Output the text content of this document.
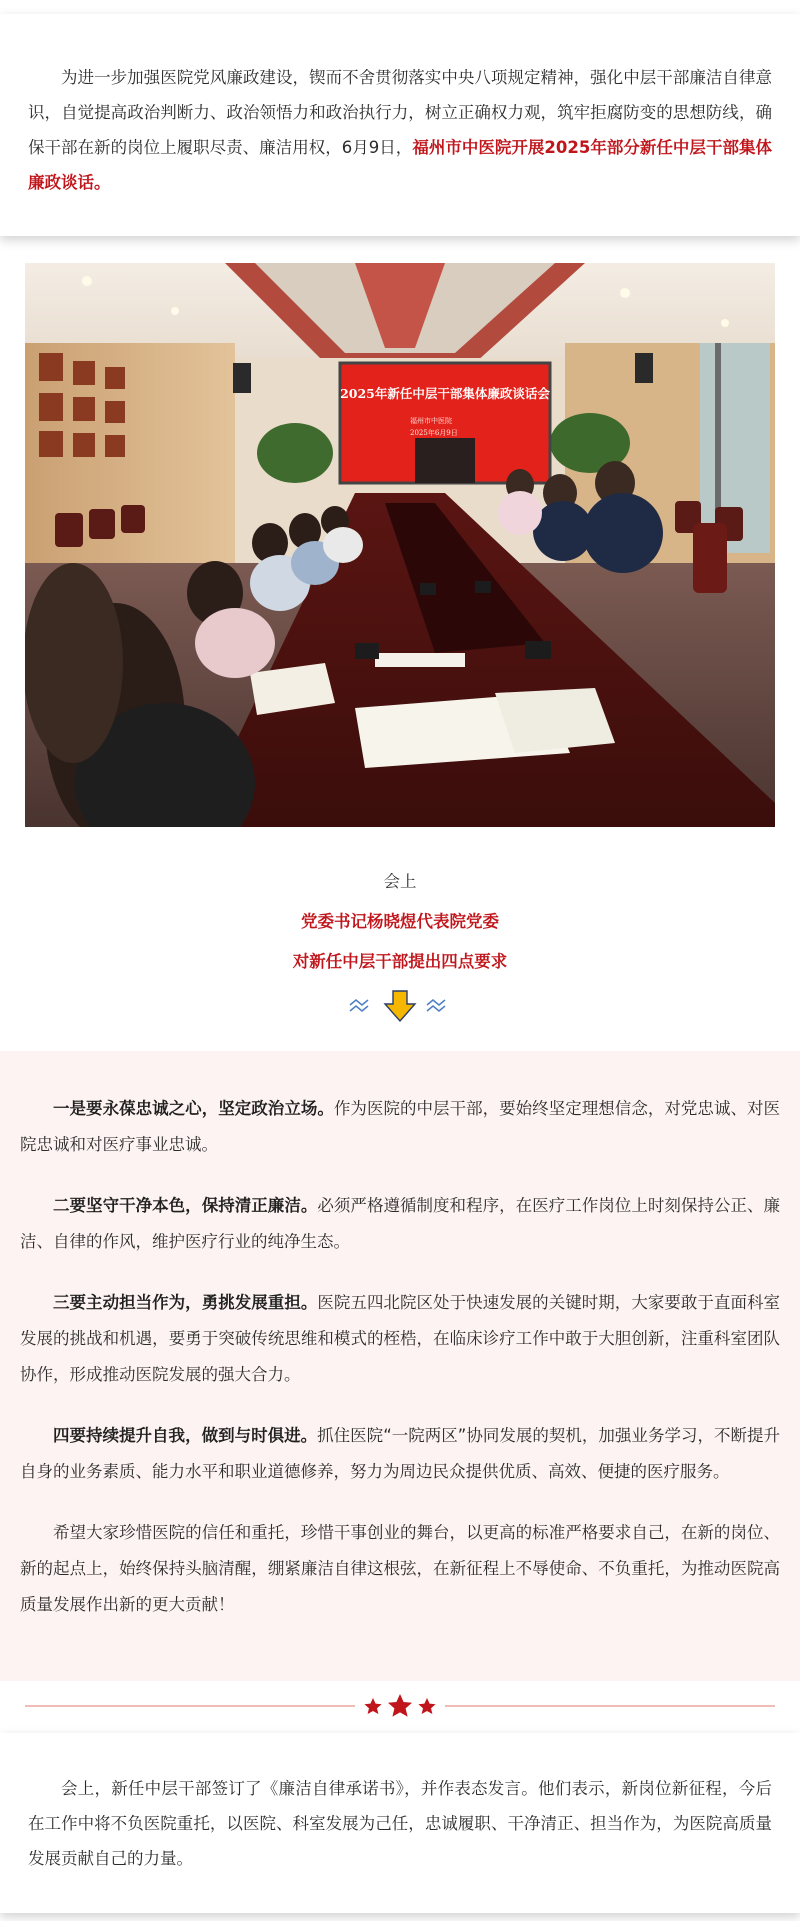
为进一步加强医院党风廉政建设，锲而不舍贯彻落实中央八项规定精神，强化中层干部廉洁自律意识，自觉提高政治判断力、政治领悟力和政治执行力，树立正确权力观，筑牢拒腐防变的思想防线，确保干部在新的岗位上履职尽责、廉洁用权，6月9日，福州市中医院开展2025年部分新任中层干部集体廉政谈话。

2025年新任中层干部集体廉政谈话会
福州市中医院
2025年6月9日
会上
党委书记杨晓煜代表院党委
对新任中层干部提出四点要求

一是要永葆忠诚之心，坚定政治立场。作为医院的中层干部，要始终坚定理想信念，对党忠诚、对医院忠诚和对医疗事业忠诚。

二要坚守干净本色，保持清正廉洁。必须严格遵循制度和程序，在医疗工作岗位上时刻保持公正、廉洁、自律的作风，维护医疗行业的纯净生态。

三要主动担当作为，勇挑发展重担。医院五四北院区处于快速发展的关键时期，大家要敢于直面科室发展的挑战和机遇，要勇于突破传统思维和模式的桎梏，在临床诊疗工作中敢于大胆创新，注重科室团队协作，形成推动医院发展的强大合力。

四要持续提升自我，做到与时俱进。抓住医院“一院两区”协同发展的契机，加强业务学习，不断提升自身的业务素质、能力水平和职业道德修养，努力为周边民众提供优质、高效、便捷的医疗服务。

希望大家珍惜医院的信任和重托，珍惜干事创业的舞台，以更高的标准严格要求自己，在新的岗位、新的起点上，始终保持头脑清醒，绷紧廉洁自律这根弦，在新征程上不辱使命、不负重托，为推动医院高质量发展作出新的更大贡献！

会上，新任中层干部签订了《廉洁自律承诺书》，并作表态发言。他们表示，新岗位新征程，今后在工作中将不负医院重托，以医院、科室发展为己任，忠诚履职、干净清正、担当作为，为医院高质量发展贡献自己的力量。
